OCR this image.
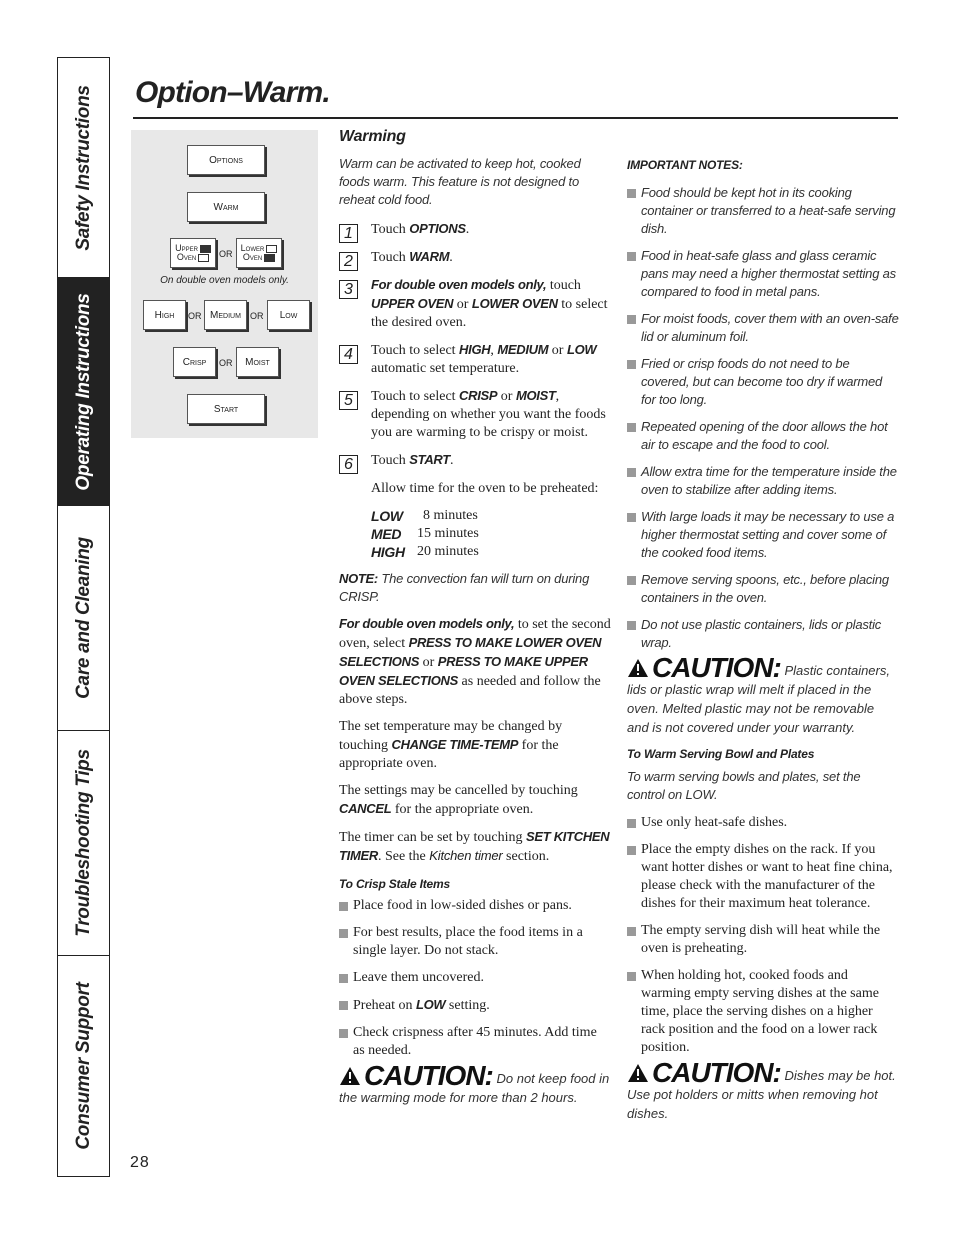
Safety Instructions
Operating Instructions
Care and Cleaning
Troubleshooting Tips
Consumer Support
Option–Warm.
28
Options
Warm
Upper
Oven	OR
Lower
Oven
On double oven models only.
High	OR Medium	OR	Low
Crisp	OR	Moist
Start

Warming

Warm can be activated to keep hot, cooked foods warm. This feature is not designed to reheat cold food.

1	Touch OPTIONS.
2	Touch WARM.
3	For double oven models only, touch UPPER OVEN or LOWER OVEN to select the desired oven.
4	Touch to select HIGH, MEDIUM or LOW automatic set temperature.
5	Touch to select CRISP or MOIST, depending on whether you want the foods you are warming to be crispy or moist.
6	Touch START.

Allow time for the oven to be preheated:

LOW	8 minutes
MED	15 minutes
HIGH	20 minutes

NOTE: The convection fan will turn on during CRISP.

For double oven models only, to set the second oven, select PRESS TO MAKE LOWER OVEN SELECTIONS or PRESS TO MAKE UPPER OVEN SELECTIONS as needed and follow the above steps.

The set temperature may be changed by touching CHANGE TIME-TEMP for the appropriate oven.

The settings may be cancelled by touching CANCEL for the appropriate oven.

The timer can be set by touching SET KITCHEN TIMER. See the Kitchen timer section.

To Crisp Stale Items

Place food in low-sided dishes or pans.

For best results, place the food items in a single layer. Do not stack.

Leave them uncovered.

Preheat on LOW setting.

Check crispness after 45 minutes. Add time as needed.

CAUTION: Do not keep food in the warming mode for more than 2 hours.

IMPORTANT NOTES:

Food should be kept hot in its cooking container or transferred to a heat-safe serving dish.

Food in heat-safe glass and glass ceramic pans may need a higher thermostat setting as compared to food in metal pans.

For moist foods, cover them with an oven-safe lid or aluminum foil.

Fried or crisp foods do not need to be covered, but can become too dry if warmed for too long.

Repeated opening of the door allows the hot air to escape and the food to cool.

Allow extra time for the temperature inside the oven to stabilize after adding items.

With large loads it may be necessary to use a higher thermostat setting and cover some of the cooked food items.

Remove serving spoons, etc., before placing containers in the oven.

Do not use plastic containers, lids or plastic wrap.

CAUTION: Plastic containers, lids or plastic wrap will melt if placed in the oven. Melted plastic may not be removable and is not covered under your warranty.

To Warm Serving Bowl and Plates

To warm serving bowls and plates, set the control on LOW.

Use only heat-safe dishes.

Place the empty dishes on the rack. If you want hotter dishes or want to heat fine china, please check with the manufacturer of the dishes for their maximum heat tolerance.

The empty serving dish will heat while the oven is preheating.

When holding hot, cooked foods and warming empty serving dishes at the same time, place the serving dishes on a higher rack position and the food on a lower rack position.

CAUTION: Dishes may be hot. Use pot holders or mitts when removing hot dishes.
